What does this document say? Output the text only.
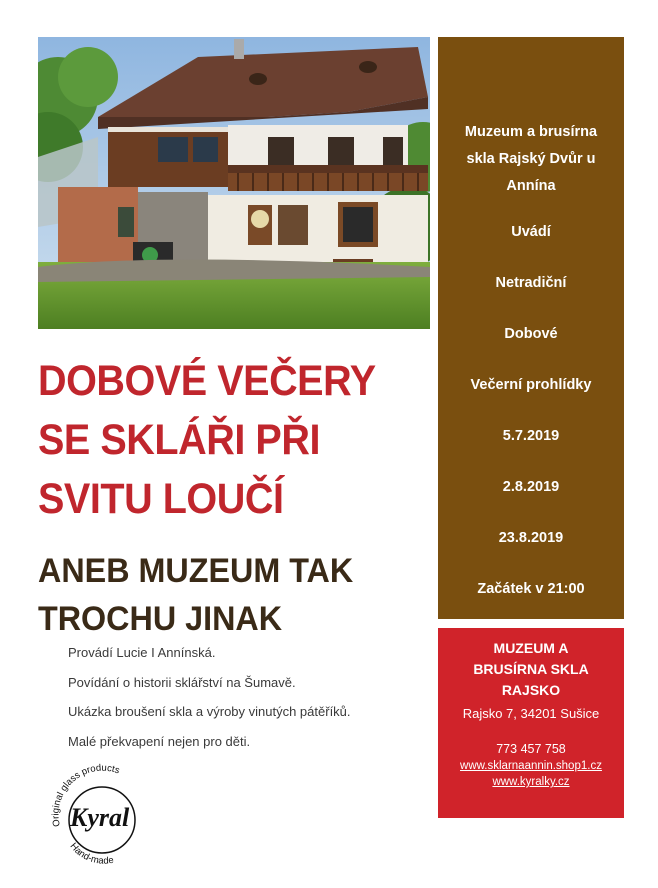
DOBOVÉ VEČERY
SE SKLÁŘI PŘI
SVITU LOUČÍ
ANEB MUZEUM TAK
TROCHU JINAK

Provádí Lucie I Annínská.

Povídání o historii sklářství na Šumavě.

Ukázka broušení skla a výroby vinutých pátěříků.

Malé překvapení nejen pro děti.

Muzeum a brusírna
skla Rajský Dvůr u
Annína
Uvádí
Netradiční
Dobové
Večerní prohlídky
5.7.2019
2.8.2019
23.8.2019
Začátek v 21:00
MUZEUM A
BRUSÍRNA SKLA
RAJSKO
Rajsko 7, 34201 Sušice
773 457 758
www.sklarnaannin.shop1.cz
www.kyralky.cz
Original glass products
Kyral
Hand-made
